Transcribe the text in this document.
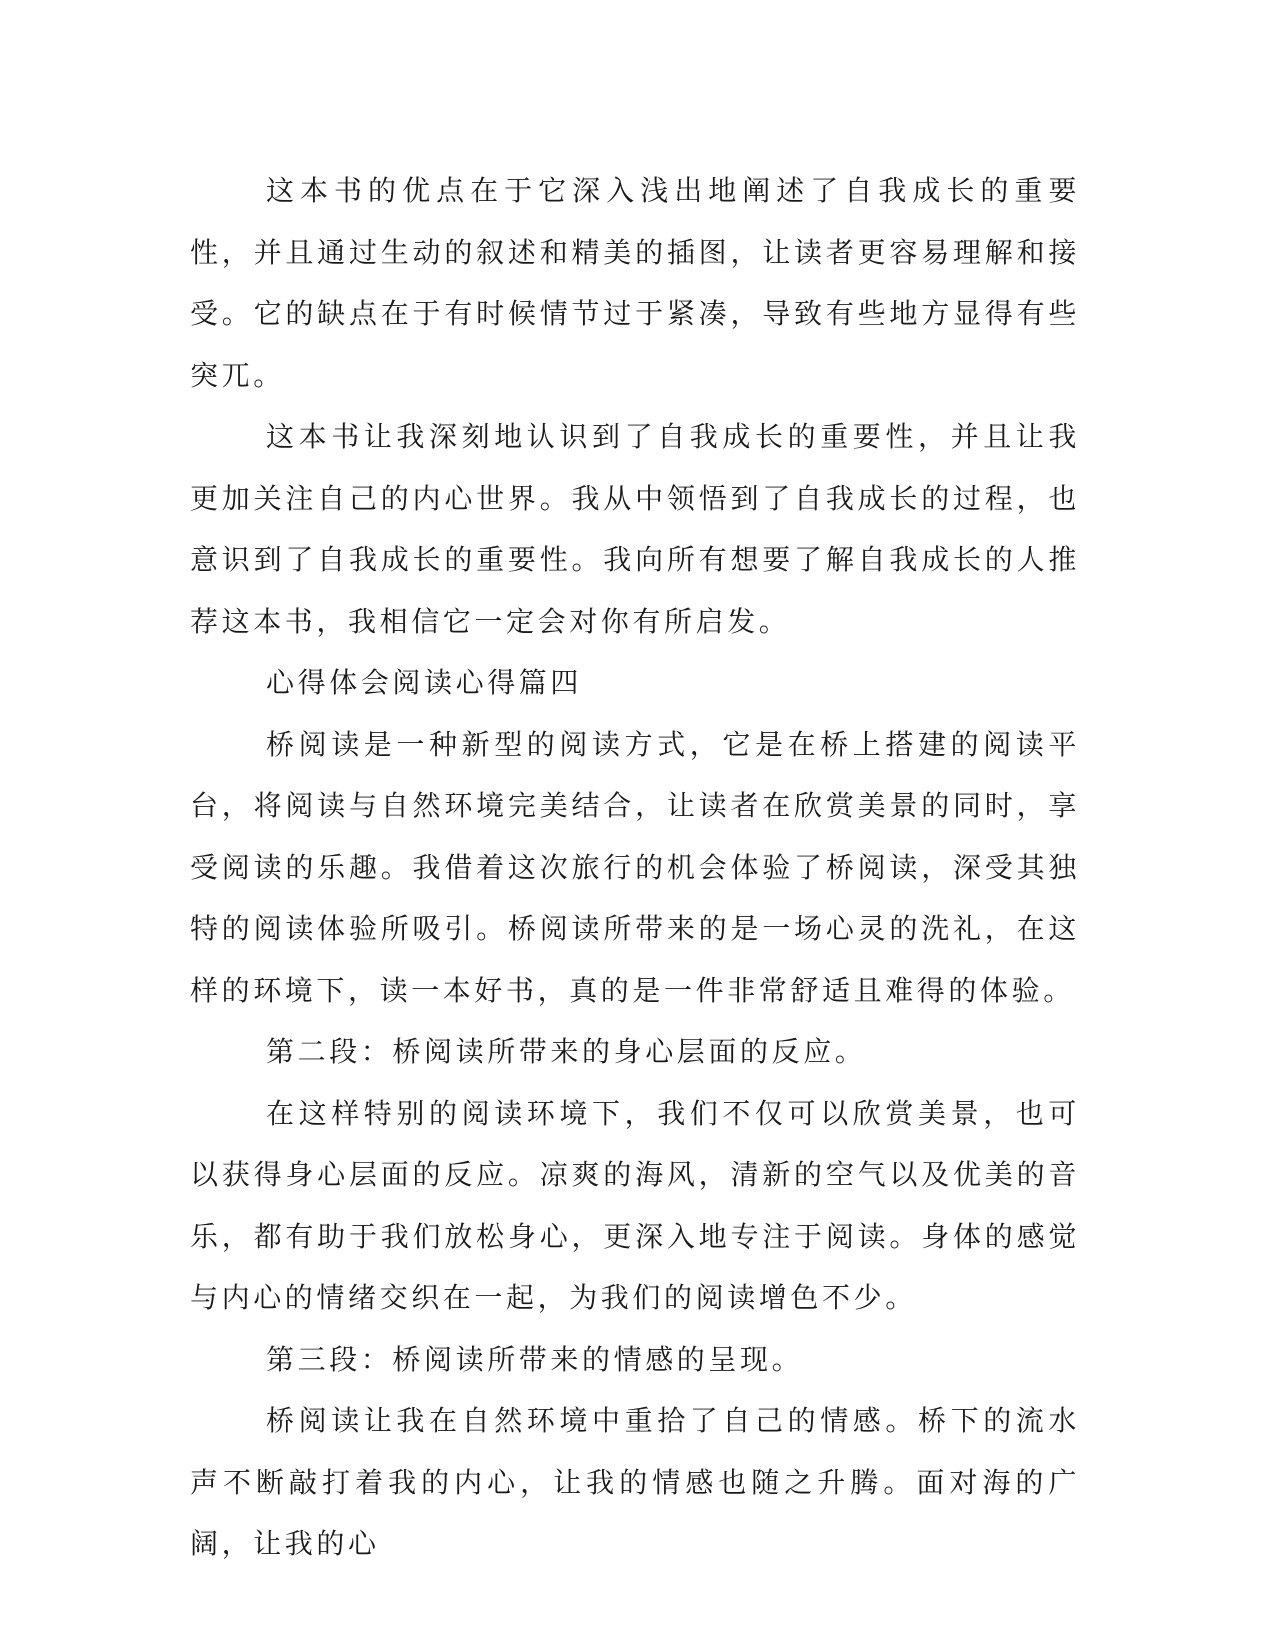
这本书的优点在于它深入浅出地阐述了自我成长的重要性，并且通过生动的叙述和精美的插图，让读者更容易理解和接受。它的缺点在于有时候情节过于紧凑，导致有些地方显得有些突兀。

这本书让我深刻地认识到了自我成长的重要性，并且让我更加关注自己的内心世界。我从中领悟到了自我成长的过程，也意识到了自我成长的重要性。我向所有想要了解自我成长的人推荐这本书，我相信它一定会对你有所启发。

心得体会阅读心得篇四

桥阅读是一种新型的阅读方式，它是在桥上搭建的阅读平台，将阅读与自然环境完美结合，让读者在欣赏美景的同时，享受阅读的乐趣。我借着这次旅行的机会体验了桥阅读，深受其独特的阅读体验所吸引。桥阅读所带来的是一场心灵的洗礼，在这样的环境下，读一本好书，真的是一件非常舒适且难得的体验。

第二段：桥阅读所带来的身心层面的反应。

在这样特别的阅读环境下，我们不仅可以欣赏美景，也可以获得身心层面的反应。凉爽的海风，清新的空气以及优美的音乐，都有助于我们放松身心，更深入地专注于阅读。身体的感觉与内心的情绪交织在一起，为我们的阅读增色不少。

第三段：桥阅读所带来的情感的呈现。

桥阅读让我在自然环境中重拾了自己的情感。桥下的流水声不断敲打着我的内心，让我的情感也随之升腾。面对海的广阔，让我的心
